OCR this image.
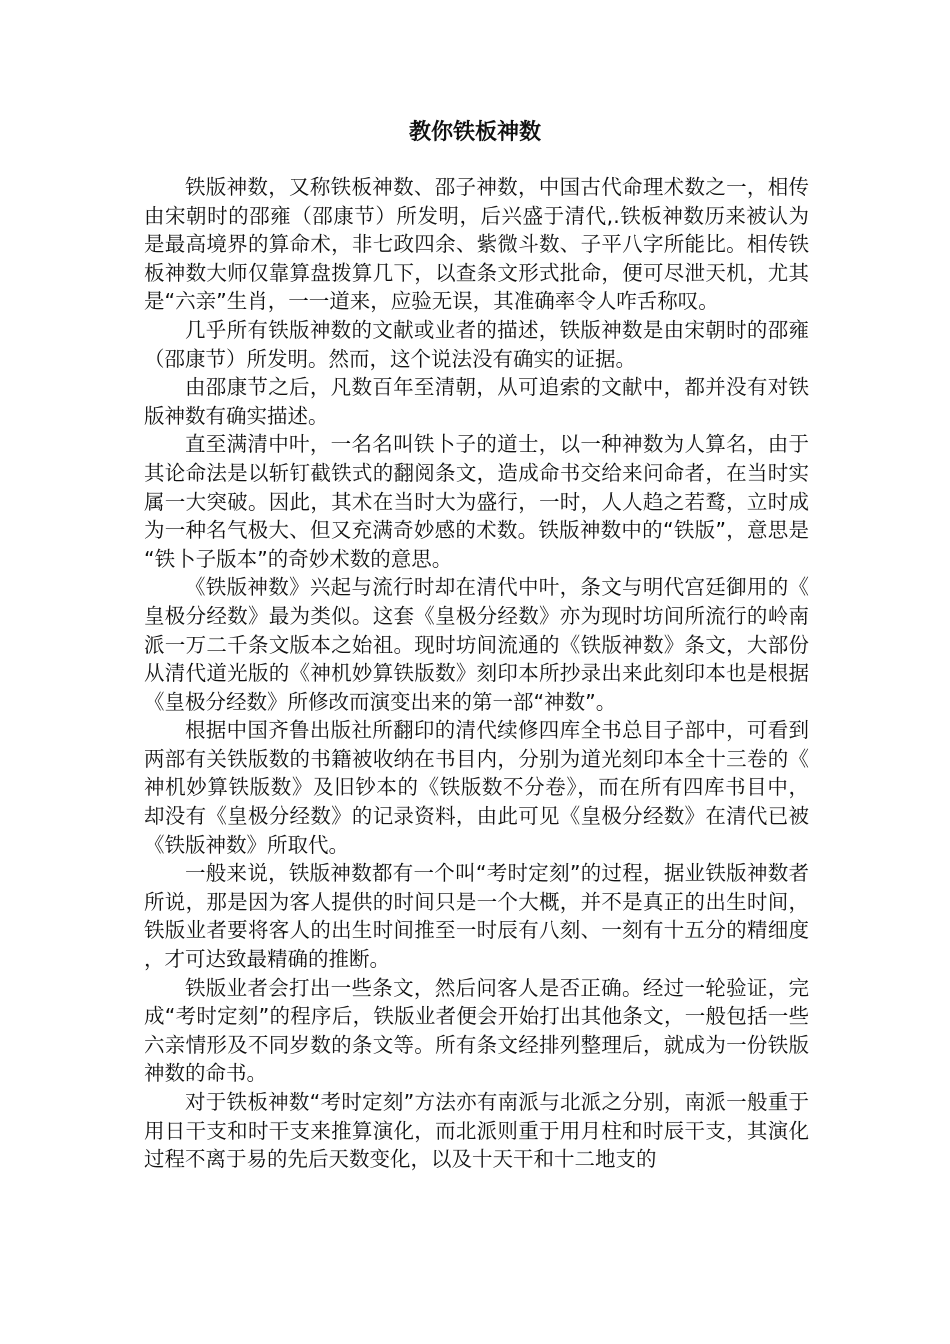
教你铁板神数

铁版神数，又称铁板神数、邵子神数，中国古代命理术数之一，相传由宋朝时的邵雍（邵康节）所发明，后兴盛于清代,.铁板神数历来被认为是最高境界的算命术，非七政四余、紫微斗数、子平八字所能比。相传铁板神数大师仅靠算盘拨算几下，以查条文形式批命，便可尽泄天机，尤其是“六亲”生肖，一一道来，应验无误，其准确率令人咋舌称叹。

几乎所有铁版神数的文献或业者的描述，铁版神数是由宋朝时的邵雍（邵康节）所发明。然而，这个说法没有确实的证据。

由邵康节之后，凡数百年至清朝，从可追索的文献中，都并没有对铁版神数有确实描述。

直至满清中叶，一名名叫铁卜子的道士，以一种神数为人算名，由于其论命法是以斩钉截铁式的翻阅条文，造成命书交给来问命者，在当时实属一大突破。因此，其术在当时大为盛行，一时，人人趋之若鹜，立时成为一种名气极大、但又充满奇妙感的术数。铁版神数中的“铁版”，意思是“铁卜子版本”的奇妙术数的意思。

《铁版神数》兴起与流行时却在清代中叶，条文与明代宫廷御用的《皇极分经数》最为类似。这套《皇极分经数》亦为现时坊间所流行的岭南派一万二千条文版本之始祖。现时坊间流通的《铁版神数》条文，大部份从清代道光版的《神机妙算铁版数》刻印本所抄录出来此刻印本也是根据《皇极分经数》所修改而演变出来的第一部“神数”。

根据中国齐鲁出版社所翻印的清代续修四库全书总目子部中，可看到两部有关铁版数的书籍被收纳在书目内，分别为道光刻印本全十三卷的《神机妙算铁版数》及旧钞本的《铁版数不分卷》，而在所有四库书目中，却没有《皇极分经数》的记录资料，由此可见《皇极分经数》在清代已被《铁版神数》所取代。

一般来说，铁版神数都有一个叫“考时定刻”的过程，据业铁版神数者所说，那是因为客人提供的时间只是一个大概，并不是真正的出生时间，铁版业者要将客人的出生时间推至一时辰有八刻、一刻有十五分的精细度，才可达致最精确的推断。

铁版业者会打出一些条文，然后问客人是否正确。经过一轮验证，完成“考时定刻”的程序后，铁版业者便会开始打出其他条文，一般包括一些六亲情形及不同岁数的条文等。所有条文经排列整理后，就成为一份铁版神数的命书。

对于铁板神数“考时定刻”方法亦有南派与北派之分别，南派一般重于用日干支和时干支来推算演化，而北派则重于用月柱和时辰干支，其演化过程不离于易的先后天数变化，以及十天干和十二地支的
